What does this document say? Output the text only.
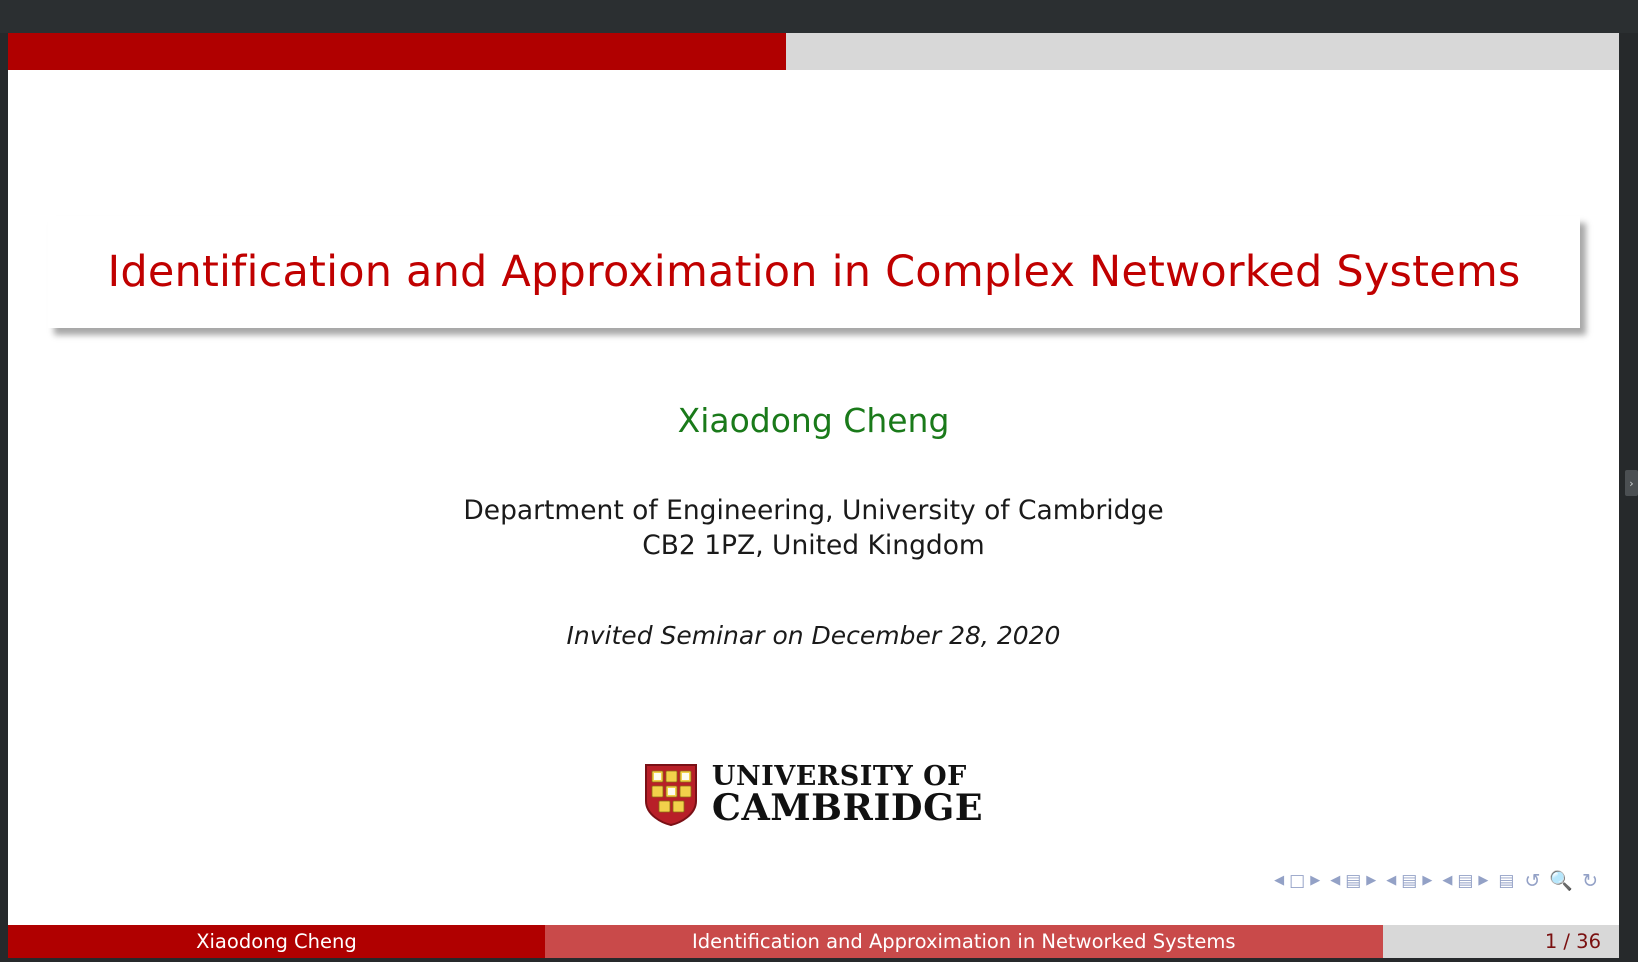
›
Identification and Approximation in Complex Networked Systems
Xiaodong Cheng
Department of Engineering, University of Cambridge
CB2 1PZ, United Kingdom
Invited Seminar on December 28, 2020
UNIVERSITY OF
CAMBRIDGE
◀ □ ▶ ◀ ▤ ▶ ◀ ▤ ▶ ◀ ▤ ▶ ▤ ↺ 🔍 ↻
Xiaodong Cheng	Identification and Approximation in Networked Systems	1 / 36
